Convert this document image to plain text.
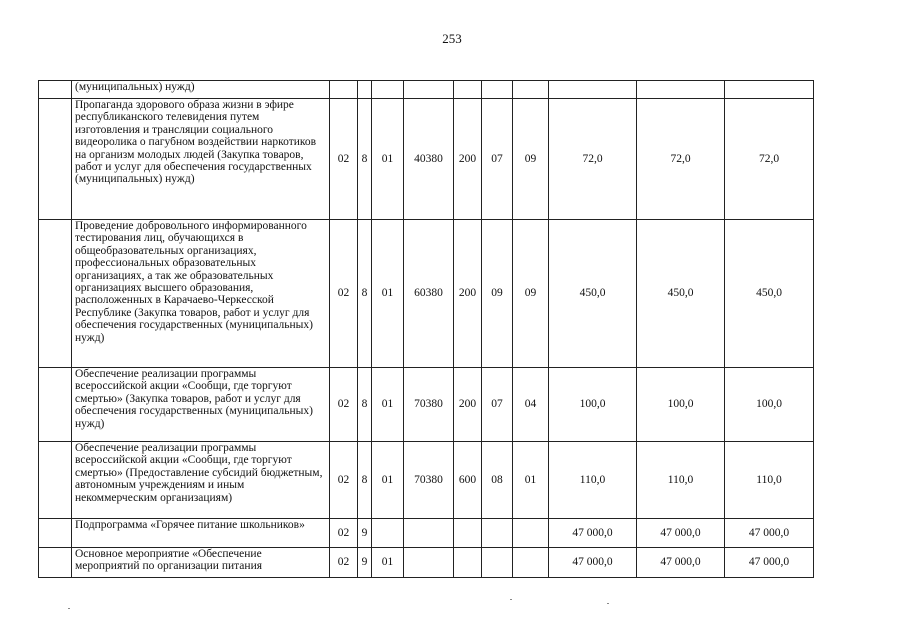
253
	(муниципальных) нужд)										
	Пропаганда здорового образа жизни в эфире республиканского телевидения путем изготовления и трансляции социального видеоролика о пагубном воздействии наркотиков на организм молодых людей (Закупка товаров, работ и услуг для обеспечения государственных (муниципальных) нужд)	02	8	01	40380	200	07	09	72,0	72,0	72,0
	Проведение добровольного информированного тестирования лиц, обучающихся в общеобразовательных организациях, профессиональных образовательных организациях, а так же образовательных организациях высшего образования, расположенных в Карачаево-Черкесской Республике (Закупка товаров, работ и услуг для обеспечения государственных (муниципальных) нужд)	02	8	01	60380	200	09	09	450,0	450,0	450,0
	Обеспечение реализации программы всероссийской акции «Сообщи, где торгуют смертью» (Закупка товаров, работ и услуг для обеспечения государственных (муниципальных) нужд)	02	8	01	70380	200	07	04	100,0	100,0	100,0
	Обеспечение реализации программы всероссийской акции «Сообщи, где торгуют смертью» (Предоставление субсидий бюджетным, автономным учреждениям и иным некоммерческим организациям)	02	8	01	70380	600	08	01	110,0	110,0	110,0
	Подпрограмма «Горячее питание школьников»	02	9						47 000,0	47 000,0	47 000,0
	Основное мероприятие «Обеспечение мероприятий по организации питания	02	9	01					47 000,0	47 000,0	47 000,0
